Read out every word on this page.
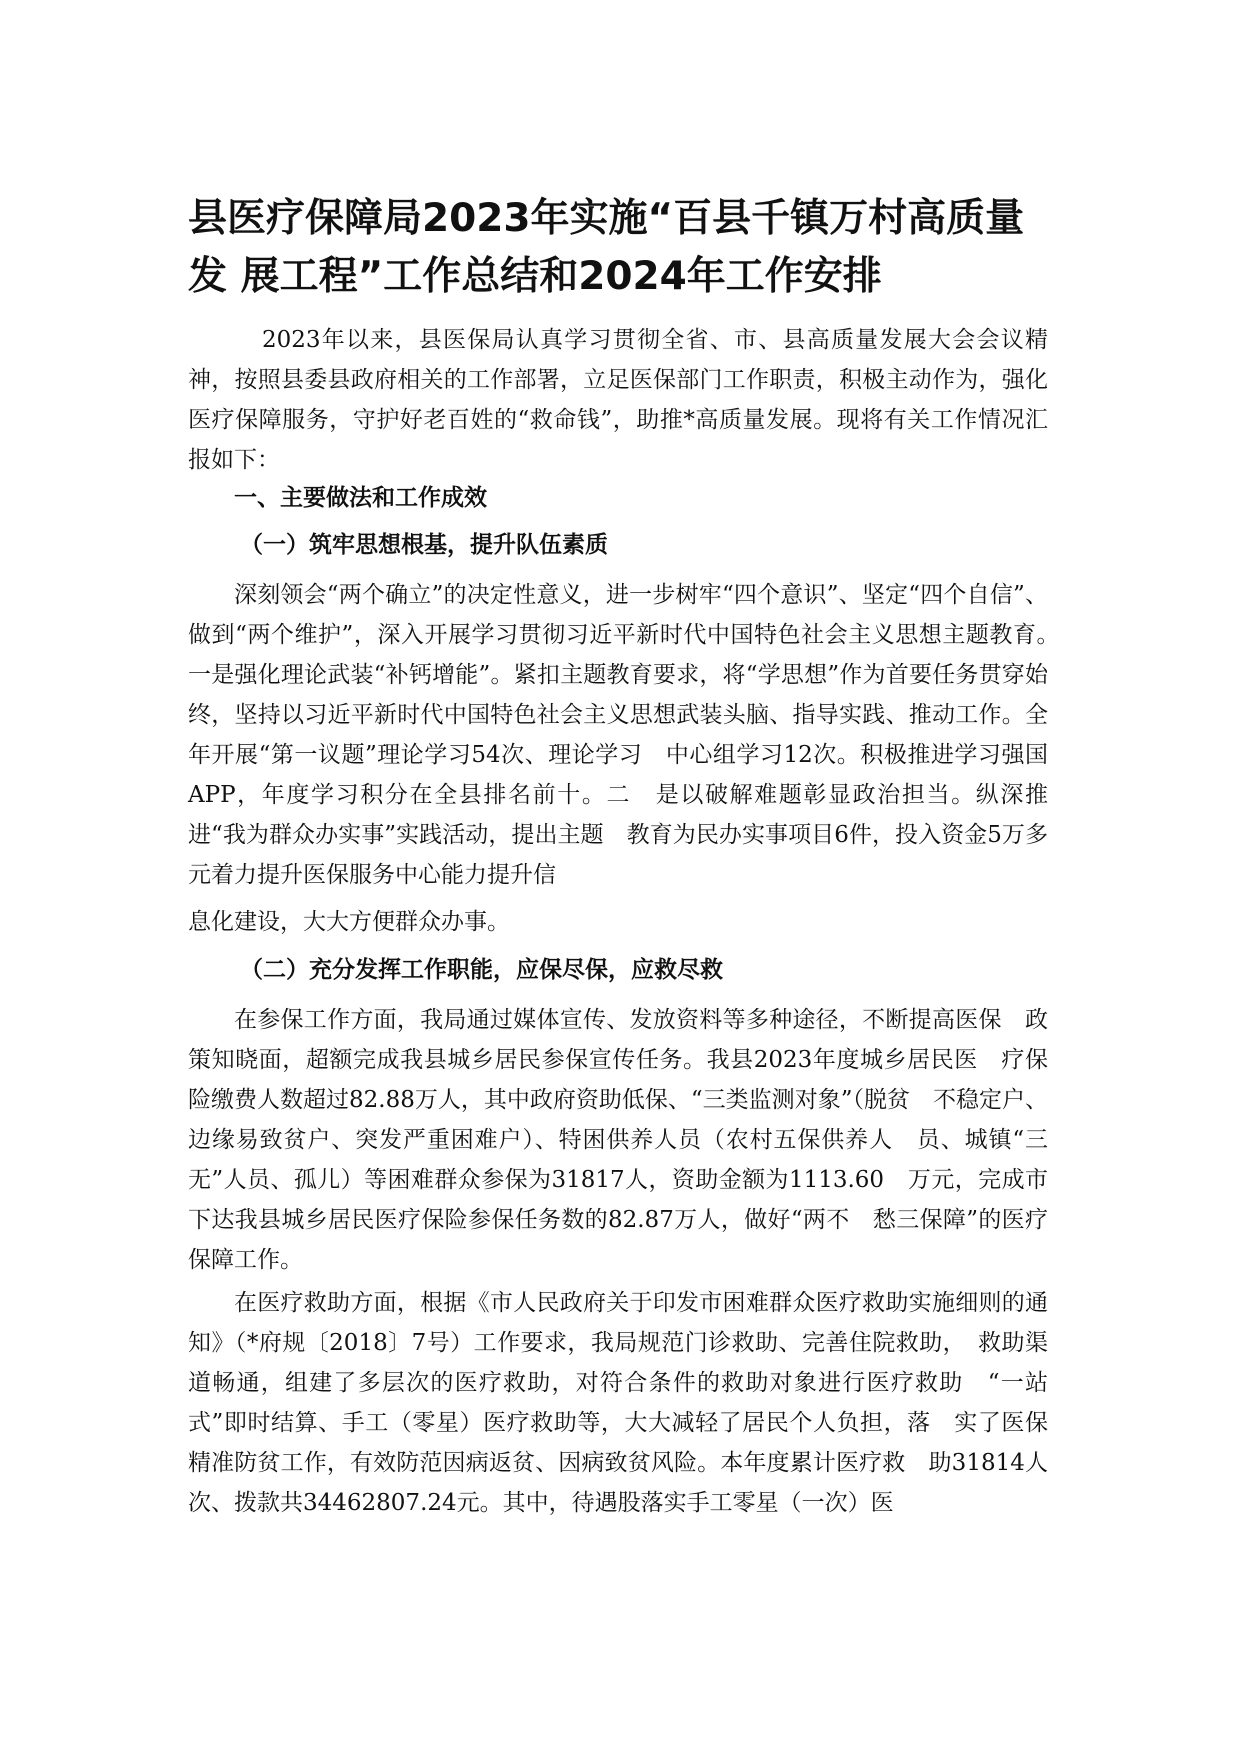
县医疗保障局2023年实施“百县千镇万村高质量
发 展工程”工作总结和2024年工作安排

2023年以来，县医保局认真学习贯彻全省、市、县高质量发展大会会议精神，按照县委县政府相关的工作部署，立足医保部门工作职责，积极主动作为，强化医疗保障服务，守护好老百姓的“救命钱”，助推*高质量发展。现将有关工作情况汇报如下：

一、主要做法和工作成效
（一）筑牢思想根基，提升队伍素质

深刻领会“两个确立”的决定性意义，进一步树牢“四个意识”、坚定“四个自信”、做到“两个维护”，深入开展学习贯彻习近平新时代中国特色社会主义思想主题教育。　一是强化理论武装“补钙增能”。紧扣主题教育要求，将“学思想”作为首要任务贯穿始终，坚持以习近平新时代中国特色社会主义思想武装头脑、指导实践、推动工作。全年开展“第一议题”理论学习54次、理论学习　中心组学习12次。积极推进学习强国APP，年度学习积分在全县排名前十。二　是以破解难题彰显政治担当。纵深推进“我为群众办实事”实践活动，提出主题　教育为民办实事项目6件，投入资金5万多元着力提升医保服务中心能力提升信

息化建设，大大方便群众办事。

（二）充分发挥工作职能，应保尽保，应救尽救

在参保工作方面，我局通过媒体宣传、发放资料等多种途径，不断提高医保　政策知晓面，超额完成我县城乡居民参保宣传任务。我县2023年度城乡居民医　疗保险缴费人数超过82.88万人，其中政府资助低保、“三类监测对象”（脱贫　不稳定户、边缘易致贫户、突发严重困难户）、特困供养人员（农村五保供养人　员、城镇“三无”人员、孤儿）等困难群众参保为31817人，资助金额为1113.60　万元，完成市下达我县城乡居民医疗保险参保任务数的82.87万人，做好“两不　愁三保障”的医疗保障工作。

在医疗救助方面，根据《市人民政府关于印发市困难群众医疗救助实施细则的通知》（*府规〔2018〕7号）工作要求，我局规范门诊救助、完善住院救助，　救助渠道畅通，组建了多层次的医疗救助，对符合条件的救助对象进行医疗救助　“一站式”即时结算、手工（零星）医疗救助等，大大减轻了居民个人负担，落　实了医保精准防贫工作，有效防范因病返贫、因病致贫风险。本年度累计医疗救　助31814人次、拨款共34462807.24元。其中，待遇股落实手工零星（一次）医
